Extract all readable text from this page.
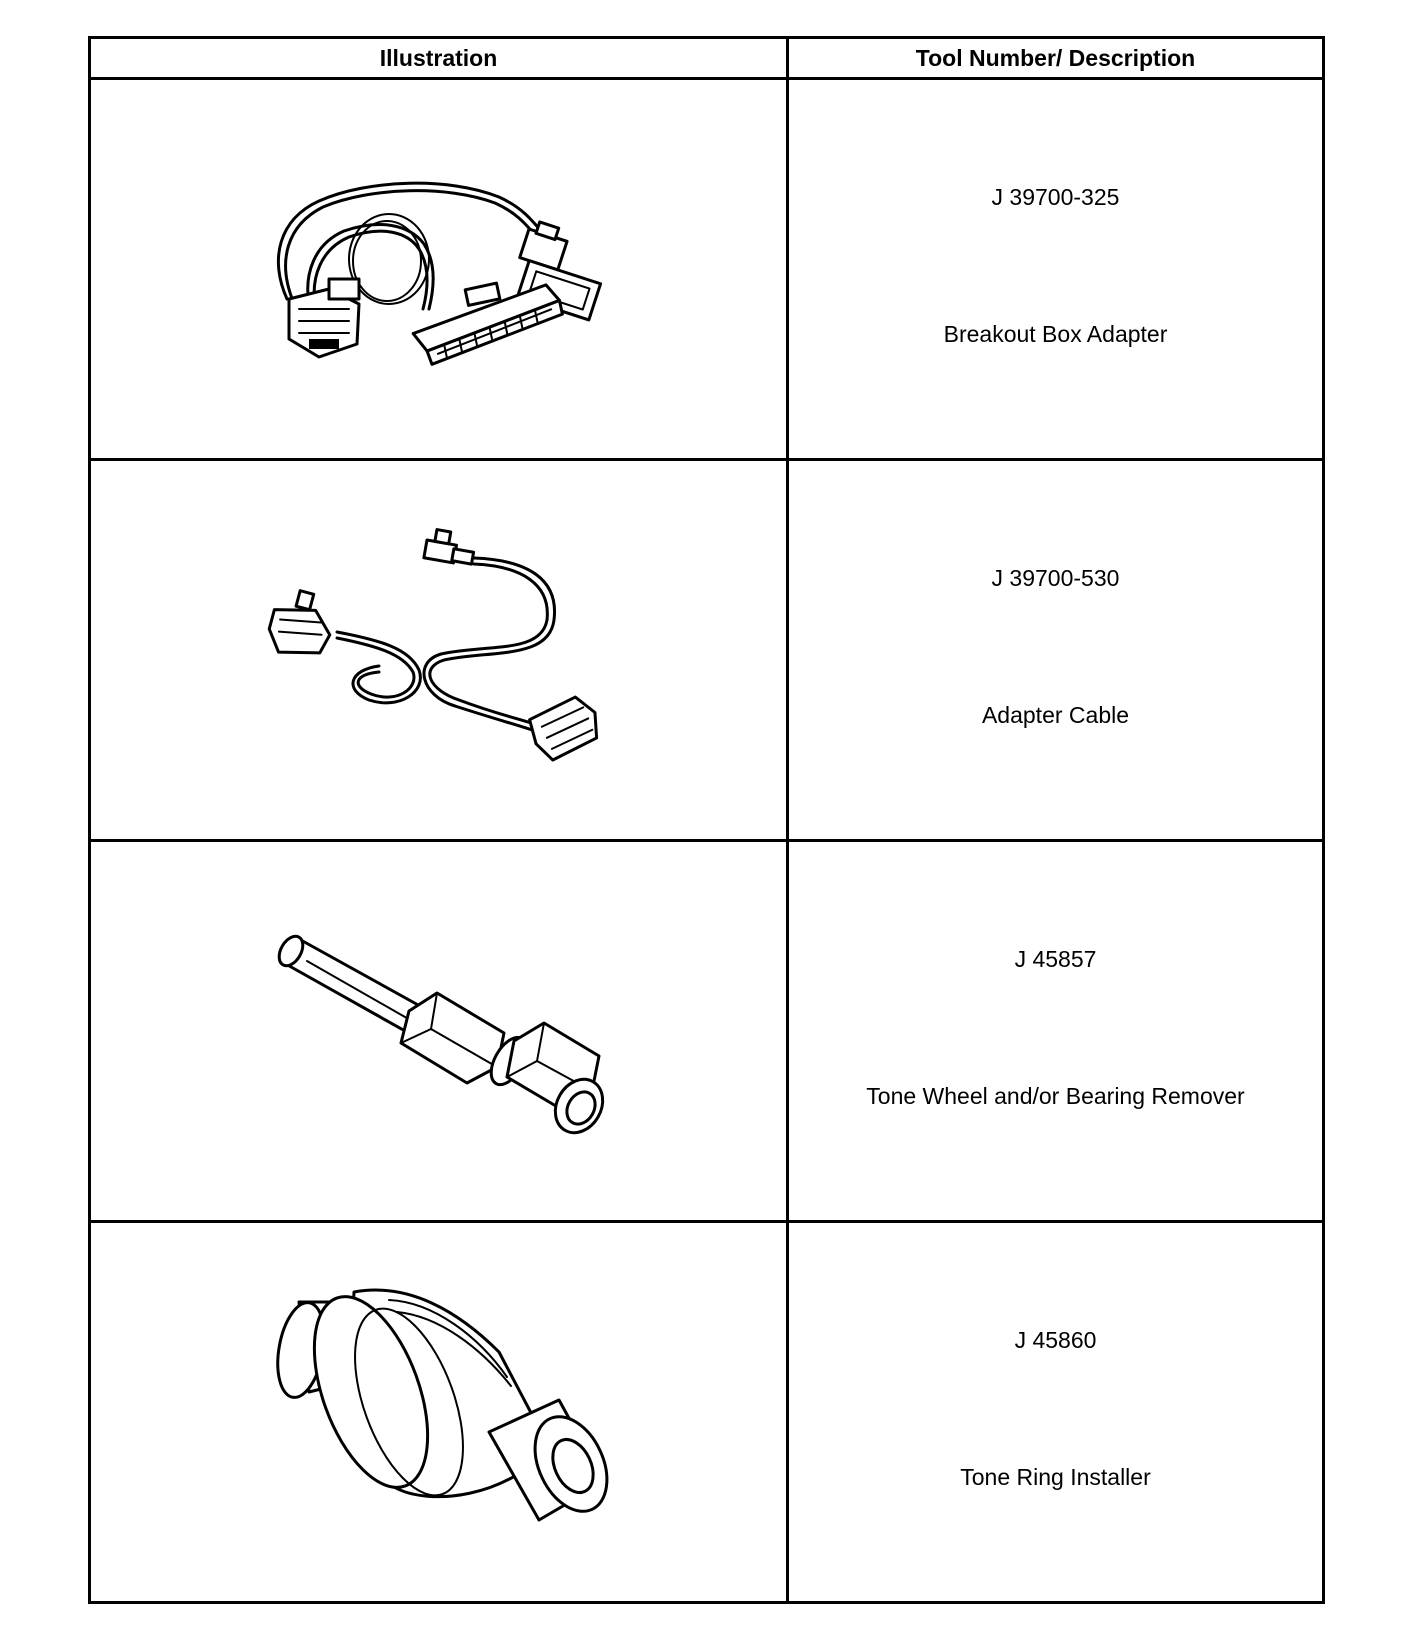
Illustration	Tool Number/ Description

J 39700-325
Breakout Box Adapter

J 39700-530
Adapter Cable

J 45857
Tone Wheel and/or Bearing Remover

J 45860
Tone Ring Installer
